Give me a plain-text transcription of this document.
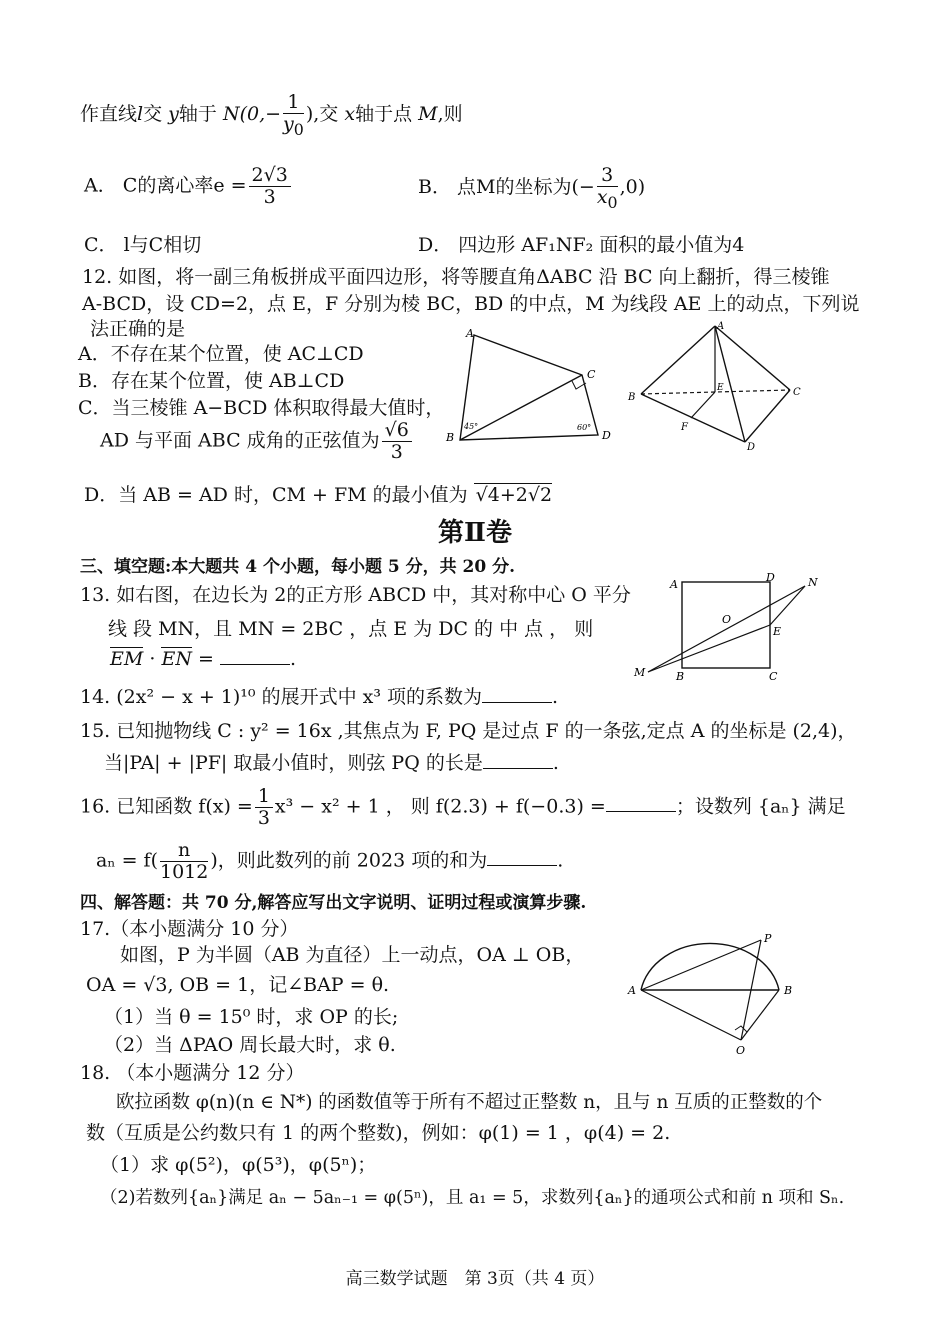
作直线l交 y轴于 $N(0,- \frac{1}{y_0}$ ),交 x轴于点 M,则
A． C的离心率$e = \frac{2√3}{3}$	B． 点M的坐标为(− $\frac{3}{x_0} ,0$)
C． l与C相切	D． 四边形 AF₁NF₂ 面积的最小值为4
12. 如图，将一副三角板拼成平面四边形，将等腰直角ΔABC 沿 BC 向上翻折，得三棱锥
A-BCD，设 CD=2，点 E，F 分别为棱 BC，BD 的中点，M 为线段 AE 上的动点，下列说
法正确的是
A．不存在某个位置，使 AC⊥CD
B．存在某个位置，使 AB⊥CD
C．当三棱锥 A−BCD 体积取得最大值时，
AD 与平面 ABC 成角的正弦值为 $\frac{√6}{3}$
D．当 AB = AD 时，CM + FM 的最小值为 √4+2√2
A
C
B	D
45°	60°
A
B	C
D
E
F
第Ⅱ卷
三、填空题:本大题共 4 个小题，每小题 5 分，共 20 分.
13. 如右图，在边长为 2的正方形 ABCD 中，其对称中心 O 平分
线 段 MN，且 MN = 2BC ，点 E 为 DC 的 中 点 ， 则
EM · EN =	.
A
D	N
O
E
M	B	C
14. (2x² − x + 1)¹⁰ 的展开式中 x³ 项的系数为	.
15. 已知抛物线 C : y² = 16x ,其焦点为 F, PQ 是过点 F 的一条弦,定点 A 的坐标是 (2,4)，
当|PA| + |PF| 取最小值时，则弦 PQ 的长是	.
16. 已知函数 $f(x) = \frac{1}{3} x^3 - x^2 + 1$ ， 则 f(2.3) + f(−0.3) =	；设数列 {aₙ} 满足
$a_n = f( \frac{n}{1012}$ )，则此数列的前 2023 项的和为	.
四、解答题：共 70 分,解答应写出文字说明、证明过程或演算步骤.
17.（本小题满分 10 分）
如图，P 为半圆（AB 为直径）上一动点，OA ⊥ OB，
OA = √3, OB = 1，记∠BAP = θ.
（1）当 θ = 15⁰ 时，求 OP 的长;
（2）当 ΔPAO 周长最大时，求 θ.
P
A	B
O
18. （本小题满分 12 分）
欧拉函数 φ(n)(n ∈ N*) 的函数值等于所有不超过正整数 n，且与 n 互质的正整数的个
数（互质是公约数只有 1 的两个整数)，例如：φ(1) = 1 ，φ(4) = 2.
（1）求 φ(5²)，φ(5³)，φ(5ⁿ)；
（2)若数列{aₙ}满足 aₙ − 5aₙ₋₁ = φ(5ⁿ)，且 a₁ = 5，求数列{aₙ}的通项公式和前 n 项和 Sₙ.
高三数学试题　第 3页（共 4 页）
